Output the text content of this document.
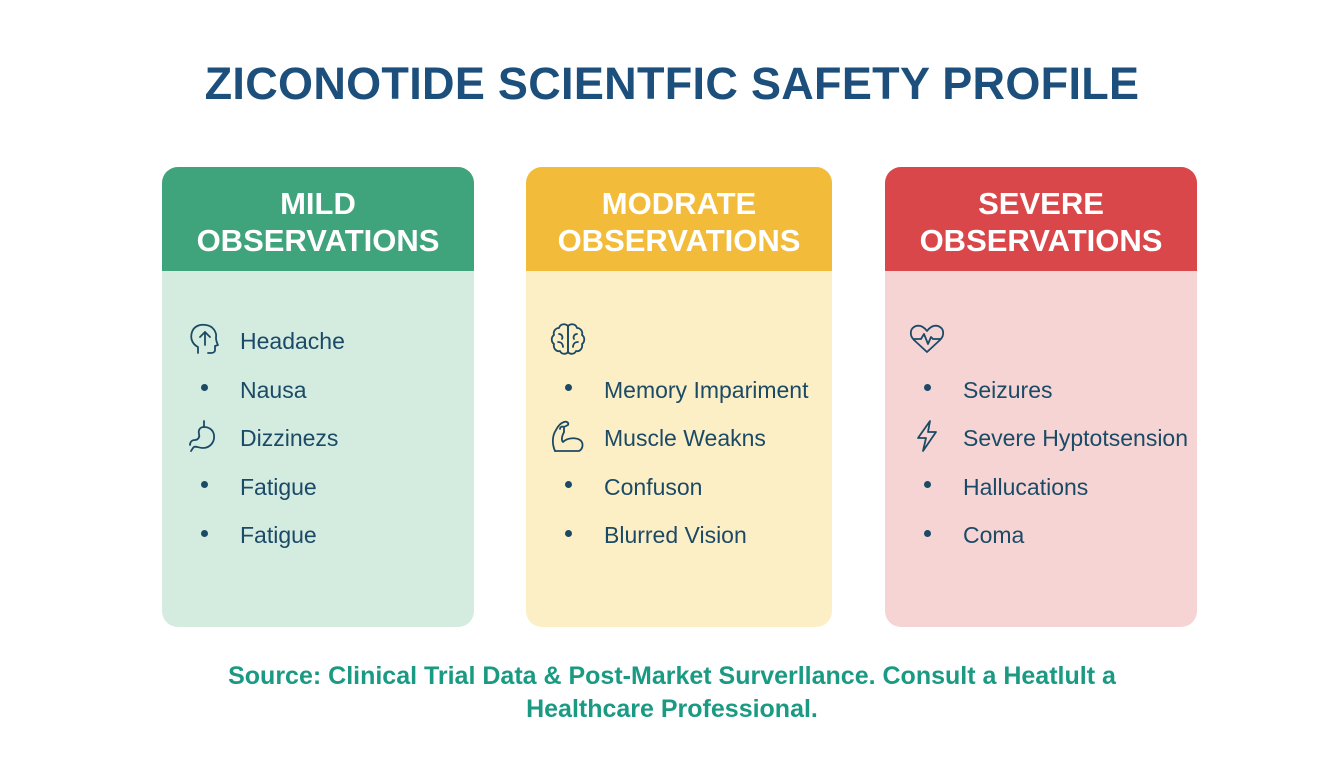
ZICONOTIDE SCIENTFIC SAFETY PROFILE
MILD
OBSERVATIONS
Headache
Nausa
Dizzinezs
Fatigue
Fatigue
MODRATE
OBSERVATIONS
Memory Impariment
Muscle Weakns
Confuson
Blurred Vision
SEVERE
OBSERVATIONS
Seizures
Severe Hyptotsension
Hallucations
Coma
Source: Clinical Trial Data & Post-Market Surverllance. Consult a Heatlult a
Healthcare Professional.
